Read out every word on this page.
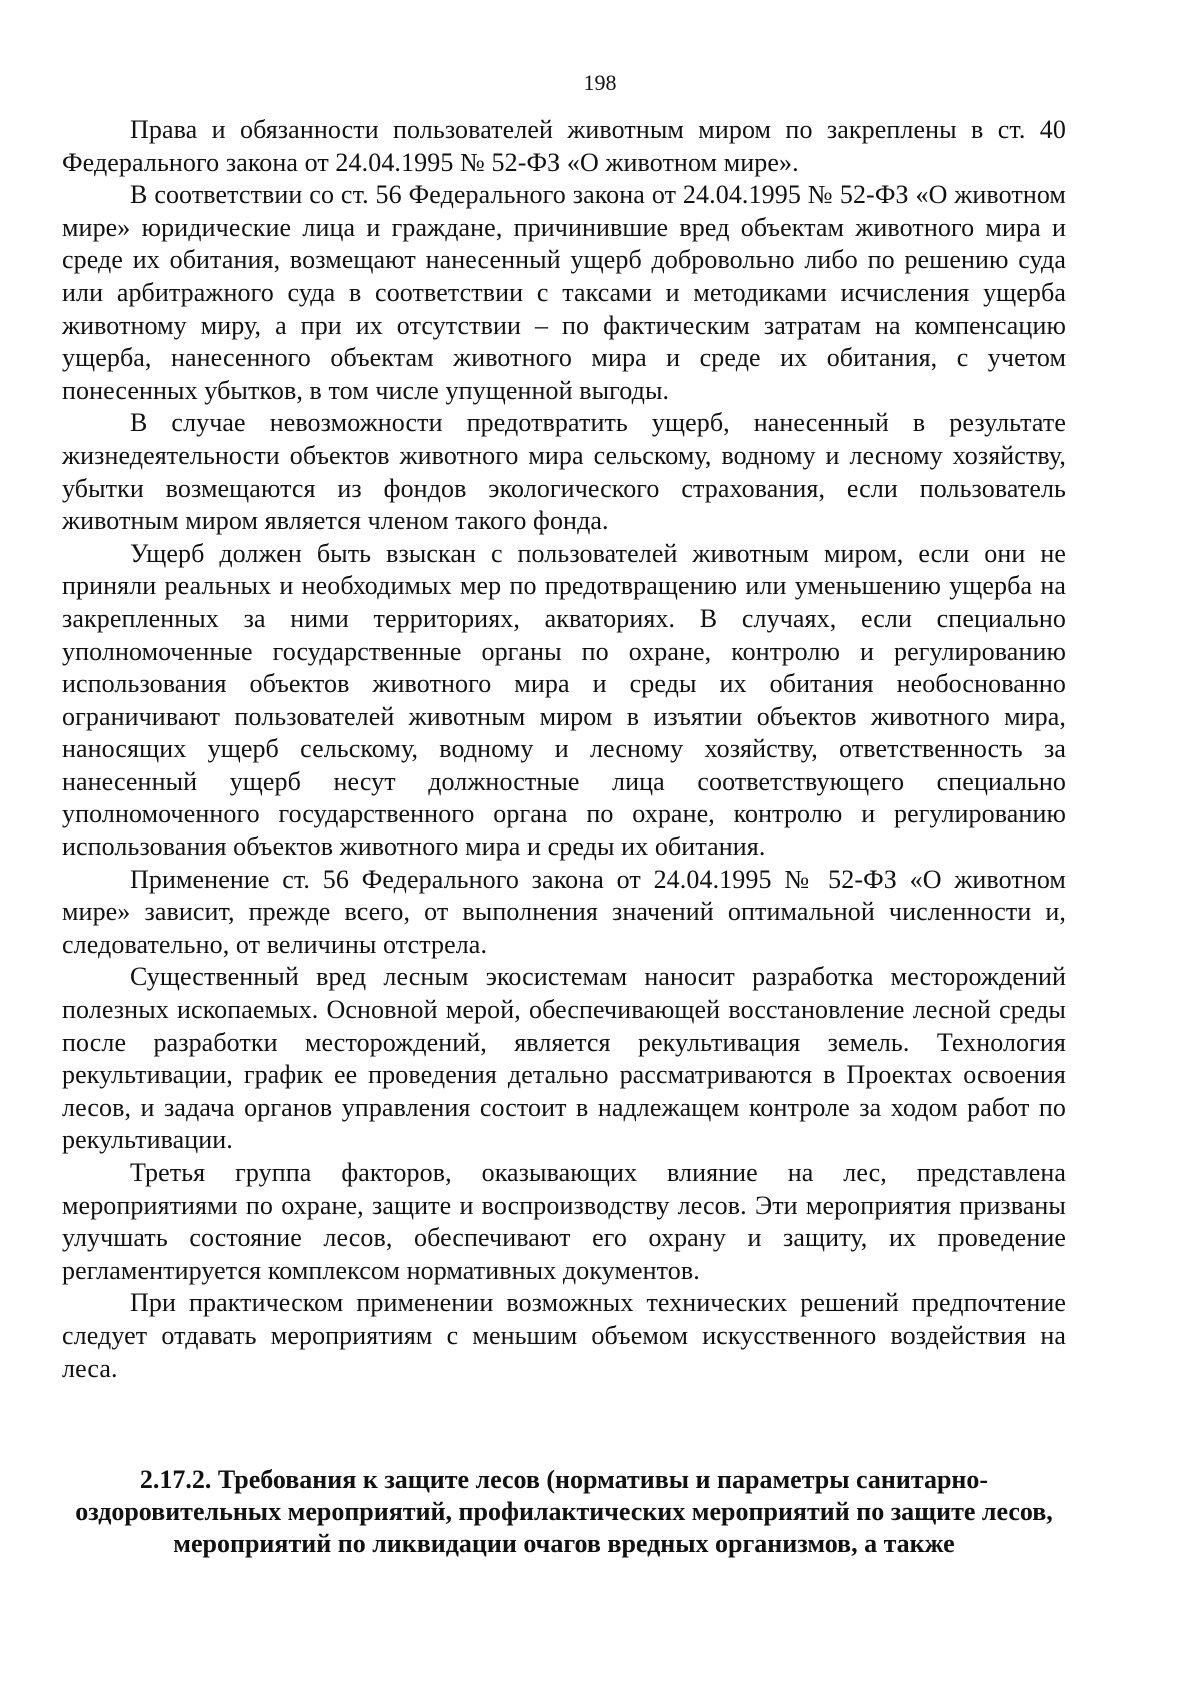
198

Права и обязанности пользователей животным миром по закреплены в ст. 40 Федерального закона от 24.04.1995 № 52-ФЗ «О животном мире».

В соответствии со ст. 56 Федерального закона от 24.04.1995 № 52-ФЗ «О животном мире» юридические лица и граждане, причинившие вред объектам животного мира и среде их обитания, возмещают нанесенный ущерб добровольно либо по решению суда или арбитражного суда в соответствии с таксами и методиками исчисления ущерба животному миру, а при их отсутствии – по фактическим затратам на компенсацию ущерба, нанесенного объектам животного мира и среде их обитания, с учетом понесенных убытков, в том числе упущенной выгоды.

В случае невозможности предотвратить ущерб, нанесенный в результате жизнедеятельности объектов животного мира сельскому, водному и лесному хозяйству, убытки возмещаются из фондов экологического страхования, если пользователь животным миром является членом такого фонда.

Ущерб должен быть взыскан с пользователей животным миром, если они не приняли реальных и необходимых мер по предотвращению или уменьшению ущерба на закрепленных за ними территориях, акваториях. В случаях, если специально уполномоченные государственные органы по охране, контролю и регулированию использования объектов животного мира и среды их обитания необоснованно ограничивают пользователей животным миром в изъятии объектов животного мира, наносящих ущерб сельскому, водному и лесному хозяйству, ответственность за нанесенный ущерб несут должностные лица соответствующего специально уполномоченного государственного органа по охране, контролю и регулированию использования объектов животного мира и среды их обитания.

Применение ст. 56 Федерального закона от 24.04.1995 № 52-ФЗ «О животном мире» зависит, прежде всего, от выполнения значений оптимальной численности и, следовательно, от величины отстрела.

Существенный вред лесным экосистемам наносит разработка месторождений полезных ископаемых. Основной мерой, обеспечивающей восстановление лесной среды после разработки месторождений, является рекультивация земель. Технология рекультивации, график ее проведения детально рассматриваются в Проектах освоения лесов, и задача органов управления состоит в надлежащем контроле за ходом работ по рекультивации.

Третья группа факторов, оказывающих влияние на лес, представлена мероприятиями по охране, защите и воспроизводству лесов. Эти мероприятия призваны улучшать состояние лесов, обеспечивают его охрану и защиту, их проведение регламентируется комплексом нормативных документов.

При практическом применении возможных технических решений предпочтение следует отдавать мероприятиям с меньшим объемом искусственного воздействия на леса.

2.17.2. Требования к защите лесов (нормативы и параметры санитарно-оздоровительных мероприятий, профилактических мероприятий по защите лесов, мероприятий по ликвидации очагов вредных организмов, а также
